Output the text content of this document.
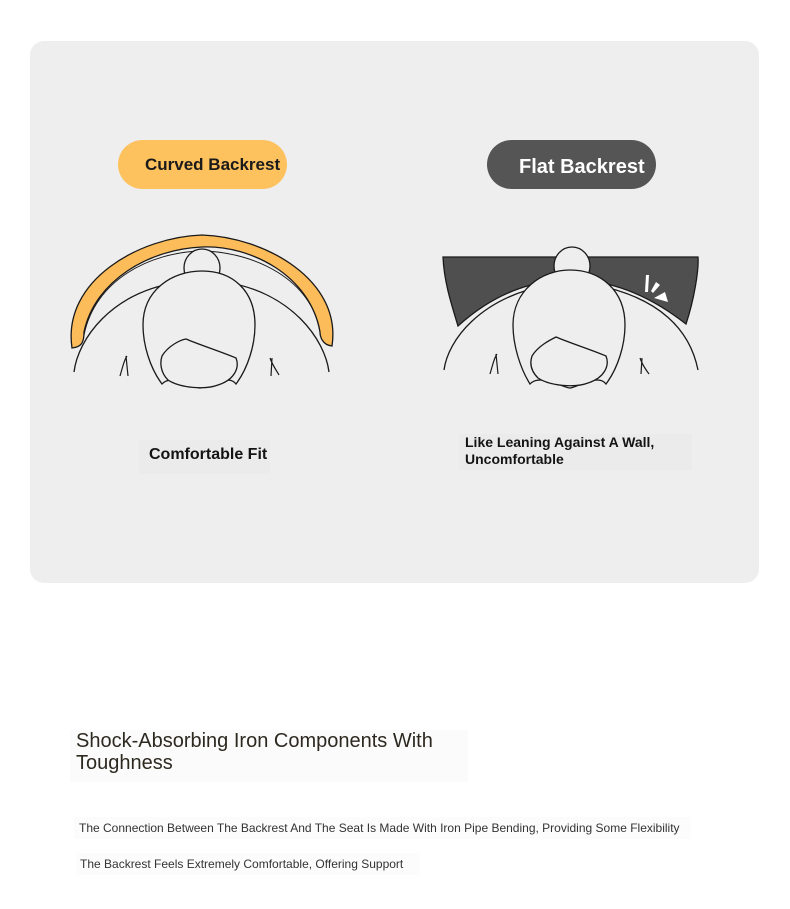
Curved Backrest	Flat Backrest
Comfortable Fit
Like Leaning Against A Wall,
Uncomfortable
Shock-Absorbing Iron Components With
Toughness
The Connection Between The Backrest And The Seat Is Made With Iron Pipe Bending, Providing Some Flexibility
The Backrest Feels Extremely Comfortable, Offering Support
